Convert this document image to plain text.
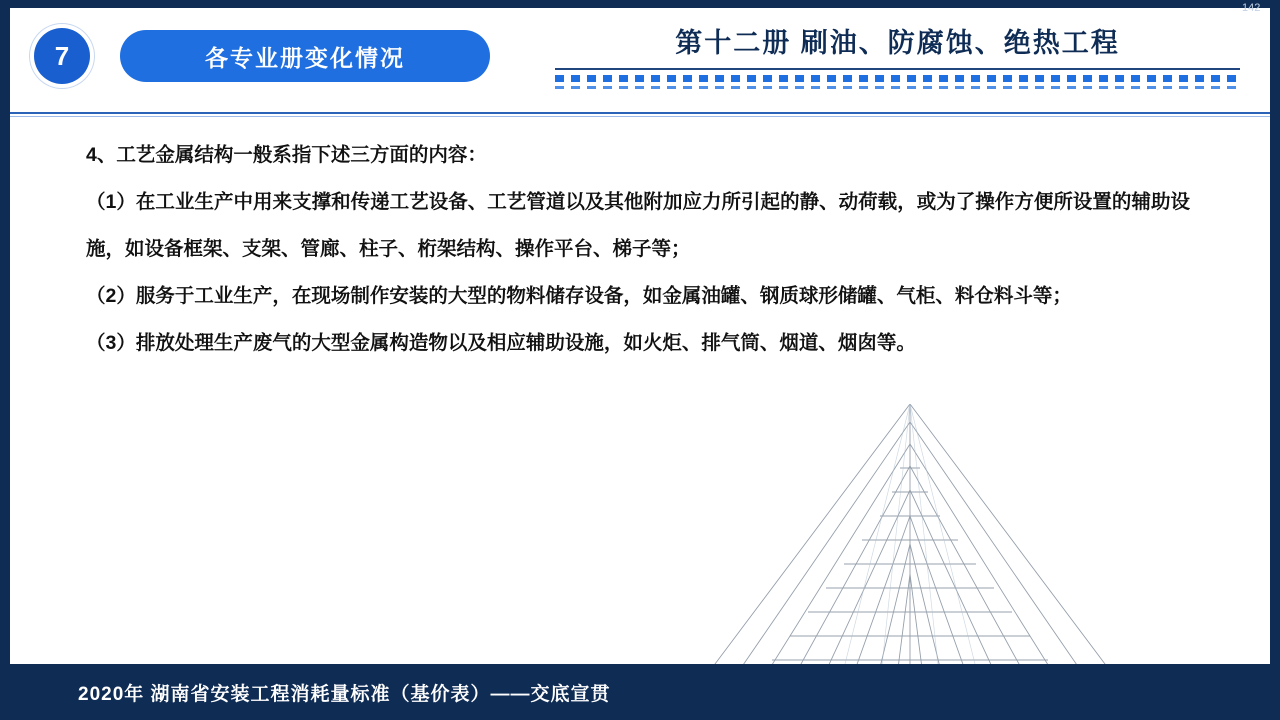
7	各专业册变化情况	第十二册 刷油、防腐蚀、绝热工程
142

4、工艺金属结构一般系指下述三方面的内容：

（1）在工业生产中用来支撑和传递工艺设备、工艺管道以及其他附加应力所引起的静、动荷载，或为了操作方便所设置的辅助设施，如设备框架、支架、管廊、柱子、桁架结构、操作平台、梯子等；

（2）服务于工业生产，在现场制作安装的大型的物料储存设备，如金属油罐、钢质球形储罐、气柜、料仓料斗等；

（3）排放处理生产废气的大型金属构造物以及相应辅助设施，如火炬、排气筒、烟道、烟囱等。

2020年 湖南省安装工程消耗量标准（基价表）——交底宣贯
